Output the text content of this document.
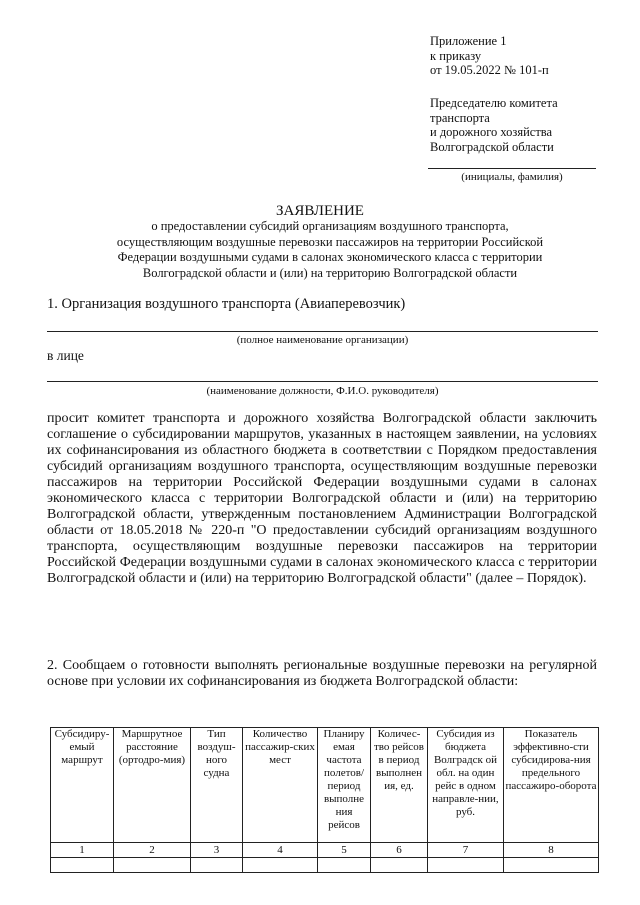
Приложение 1
к приказу
от 19.05.2022 № 101-п
Председателю комитета
транспорта
и дорожного хозяйства
Волгоградской области
(инициалы, фамилия)
ЗАЯВЛЕНИЕ
о предоставлении субсидий организациям воздушного транспорта,
осуществляющим воздушные перевозки пассажиров на территории Российской
Федерации воздушными судами в салонах экономического класса с территории
Волгоградской области и (или) на территорию Волгоградской области
1. Организация воздушного транспорта (Авиаперевозчик)
(полное наименование организации)
в лице
(наименование должности, Ф.И.О. руководителя)
просит комитет транспорта и дорожного хозяйства Волгоградской области заключить соглашение о субсидировании маршрутов, указанных в настоящем заявлении, на условиях их софинансирования из областного бюджета в соответствии с Порядком предоставления субсидий организациям воздушного транспорта, осуществляющим воздушные перевозки пассажиров на территории Российской Федерации воздушными судами в салонах экономического класса с территории Волгоградской области и (или) на территорию Волгоградской области, утвержденным постановлением Администрации Волгоградской области от 18.05.2018 № 220-п "О предоставлении субсидий организациям воздушного транспорта, осуществляющим воздушные перевозки пассажиров на территории Российской Федерации воздушными судами в салонах экономического класса с территории Волгоградской области и (или) на территорию Волгоградской области" (далее – Порядок).
2. Сообщаем о готовности выполнять региональные воздушные перевозки на регулярной основе при условии их софинансирования из бюджета Волгоградской области:
Субсидиру-емый маршрут	Маршрутное расстояние (ортодро-мия)	Тип воздуш-ного судна	Количество пассажир-ских мест	Планиру емая частота полетов/ период выполне ния рейсов	Количес-тво рейсов в период выполнен ия, ед.	Субсидия из бюджета Волградск ой обл. на один рейс в одном направле-нии, руб.	Показатель эффективно-сти субсидирова-ния предельного пассажиро-оборота
1	2	3	4	5	6	7	8
